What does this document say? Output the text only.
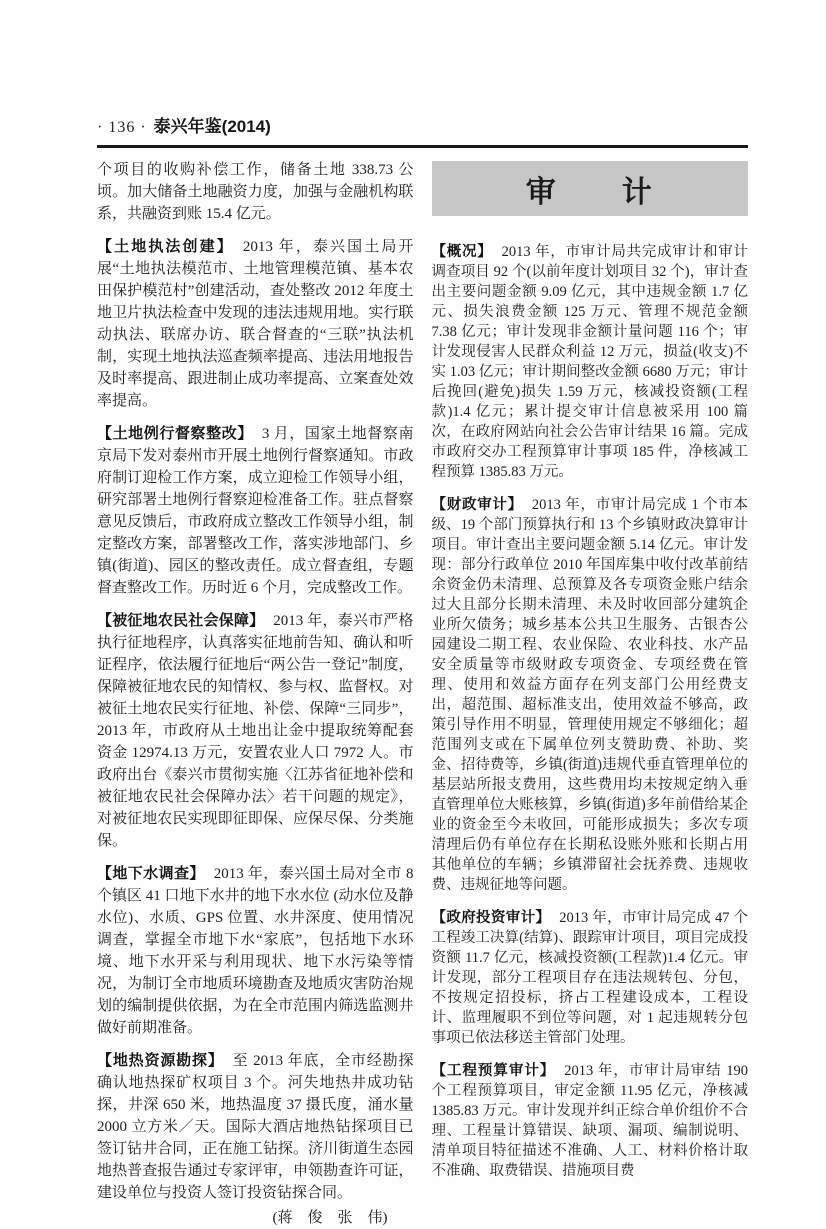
· 136 · 泰兴年鉴(2014)

个项目的收购补偿工作，储备土地 338.73 公顷。加大储备土地融资力度，加强与金融机构联系，共融资到账 15.4 亿元。

【土地执法创建】 2013 年，泰兴国土局开展“土地执法模范市、土地管理模范镇、基本农田保护模范村”创建活动，查处整改 2012 年度土地卫片执法检查中发现的违法违规用地。实行联动执法、联席办访、联合督查的“三联”执法机制，实现土地执法巡查频率提高、违法用地报告及时率提高、跟进制止成功率提高、立案查处效率提高。

【土地例行督察整改】 3 月，国家土地督察南京局下发对泰州市开展土地例行督察通知。市政府制订迎检工作方案，成立迎检工作领导小组，研究部署土地例行督察迎检准备工作。驻点督察意见反馈后，市政府成立整改工作领导小组，制定整改方案，部署整改工作，落实涉地部门、乡镇(街道)、园区的整改责任。成立督查组，专题督查整改工作。历时近 6 个月，完成整改工作。

【被征地农民社会保障】 2013 年，泰兴市严格执行征地程序，认真落实征地前告知、确认和听证程序，依法履行征地后“两公告一登记”制度，保障被征地农民的知情权、参与权、监督权。对被征土地农民实行征地、补偿、保障“三同步”，2013 年，市政府从土地出让金中提取统筹配套资金 12974.13 万元，安置农业人口 7972 人。市政府出台《泰兴市贯彻实施〈江苏省征地补偿和被征地农民社会保障办法〉若干问题的规定》，对被征地农民实现即征即保、应保尽保、分类施保。

【地下水调查】 2013 年，泰兴国土局对全市 8 个镇区 41 口地下水井的地下水水位 (动水位及静水位)、水质、GPS 位置、水井深度、使用情况调查，掌握全市地下水“家底”，包括地下水环境、地下水开采与利用现状、地下水污染等情况，为制订全市地质环境勘查及地质灾害防治规划的编制提供依据，为在全市范围内筛选监测井做好前期准备。

【地热资源勘探】 至 2013 年底，全市经勘探确认地热探矿权项目 3 个。河失地热井成功钻探，井深 650 米，地热温度 37 摄氏度，涌水量 2000 立方米／天。国际大酒店地热钻探项目已签订钻井合同，正在施工钻探。济川街道生态园地热普查报告通过专家评审，申领勘查许可证，建设单位与投资人签订投资钻探合同。

(蒋　俊　张　伟)

审　　计

【概况】 2013 年，市审计局共完成审计和审计调查项目 92 个(以前年度计划项目 32 个)，审计查出主要问题金额 9.09 亿元，其中违规金额 1.7 亿元、损失浪费金额 125 万元、管理不规范金额 7.38 亿元；审计发现非金额计量问题 116 个；审计发现侵害人民群众利益 12 万元，损益(收支)不实 1.03 亿元；审计期间整改金额 6680 万元；审计后挽回(避免)损失 1.59 万元，核减投资额(工程款)1.4 亿元；累计提交审计信息被采用 100 篇次，在政府网站向社会公告审计结果 16 篇。完成市政府交办工程预算审计事项 185 件，净核减工程预算 1385.83 万元。

【财政审计】 2013 年，市审计局完成 1 个市本级、19 个部门预算执行和 13 个乡镇财政决算审计项目。审计查出主要问题金额 5.14 亿元。审计发现：部分行政单位 2010 年国库集中收付改革前结余资金仍未清理、总预算及各专项资金账户结余过大且部分长期未清理、未及时收回部分建筑企业所欠债务；城乡基本公共卫生服务、古银杏公园建设二期工程、农业保险、农业科技、水产品安全质量等市级财政专项资金、专项经费在管理、使用和效益方面存在列支部门公用经费支出，超范围、超标准支出，使用效益不够高，政策引导作用不明显，管理使用规定不够细化；超范围列支或在下属单位列支赞助费、补助、奖金、招待费等，乡镇(街道)违规代垂直管理单位的基层站所报支费用，这些费用均未按规定纳入垂直管理单位大账核算，乡镇(街道)多年前借给某企业的资金至今未收回，可能形成损失；多次专项清理后仍有单位存在长期私设账外账和长期占用其他单位的车辆；乡镇滞留社会抚养费、违规收费、违规征地等问题。

【政府投资审计】 2013 年，市审计局完成 47 个工程竣工决算(结算)、跟踪审计项目，项目完成投资额 11.7 亿元，核减投资额(工程款)1.4 亿元。审计发现，部分工程项目存在违法规转包、分包，不按规定招投标，挤占工程建设成本，工程设计、监理履职不到位等问题，对 1 起违规转分包事项已依法移送主管部门处理。

【工程预算审计】 2013 年，市审计局审结 190 个工程预算项目，审定金额 11.95 亿元，净核减 1385.83 万元。审计发现并纠正综合单价组价不合理、工程量计算错误、缺项、漏项、编制说明、清单项目特征描述不准确、人工、材料价格计取不准确、取费错误、措施项目费
